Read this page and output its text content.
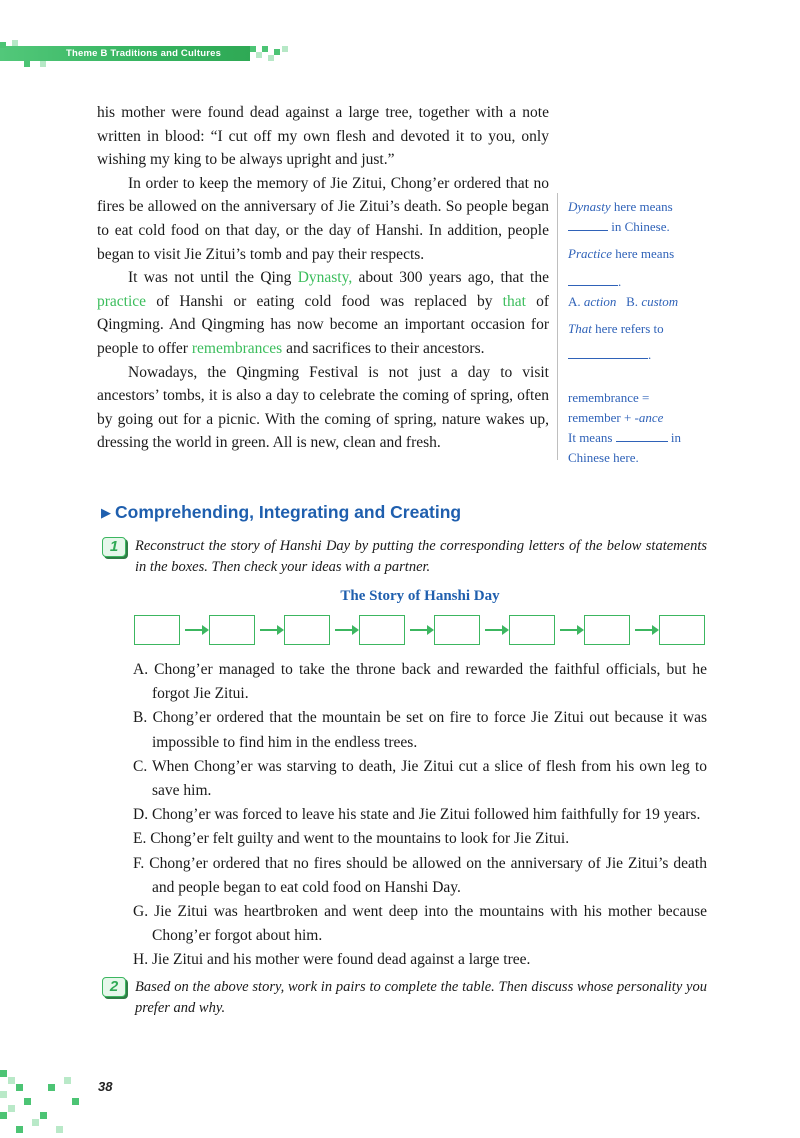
Theme B Traditions and Cultures

his mother were found dead against a large tree, together with a note written in blood: “I cut off my own flesh and devoted it to you, only wishing my king to be always upright and just.”

In order to keep the memory of Jie Zitui, Chong’er ordered that no fires be allowed on the anniversary of Jie Zitui’s death. So people began to eat cold food on that day, or the day of Hanshi. In addition, people began to visit Jie Zitui’s tomb and pay their respects.

It was not until the Qing Dynasty, about 300 years ago, that the practice of Hanshi or eating cold food was replaced by that of Qingming. And Qingming has now become an important occasion for people to offer remembrances and sacrifices to their ancestors.

Nowadays, the Qingming Festival is not just a day to visit ancestors’ tombs, it is also a day to celebrate the coming of spring, often by going out for a picnic. With the coming of spring, nature wakes up, dressing the world in green. All is new, clean and fresh.

Dynasty here means
in Chinese.
Practice here means
.
A. action B. custom
That here refers to
.
remembrance =
remember + -ance
It means	in
Chinese here.
▶ Comprehending, Integrating and Creating
1	Reconstruct the story of Hanshi Day by putting the corresponding letters of the below statements in the boxes. Then check your ideas with a partner.
The Story of Hanshi Day

A. Chong’er managed to take the throne back and rewarded the faithful officials, but he forgot Jie Zitui.

B. Chong’er ordered that the mountain be set on fire to force Jie Zitui out because it was impossible to find him in the endless trees.

C. When Chong’er was starving to death, Jie Zitui cut a slice of flesh from his own leg to save him.

D. Chong’er was forced to leave his state and Jie Zitui followed him faithfully for 19 years.

E. Chong’er felt guilty and went to the mountains to look for Jie Zitui.

F. Chong’er ordered that no fires should be allowed on the anniversary of Jie Zitui’s death and people began to eat cold food on Hanshi Day.

G. Jie Zitui was heartbroken and went deep into the mountains with his mother because Chong’er forgot about him.

H. Jie Zitui and his mother were found dead against a large tree.

2	Based on the above story, work in pairs to complete the table. Then discuss whose personality you prefer and why.
38
